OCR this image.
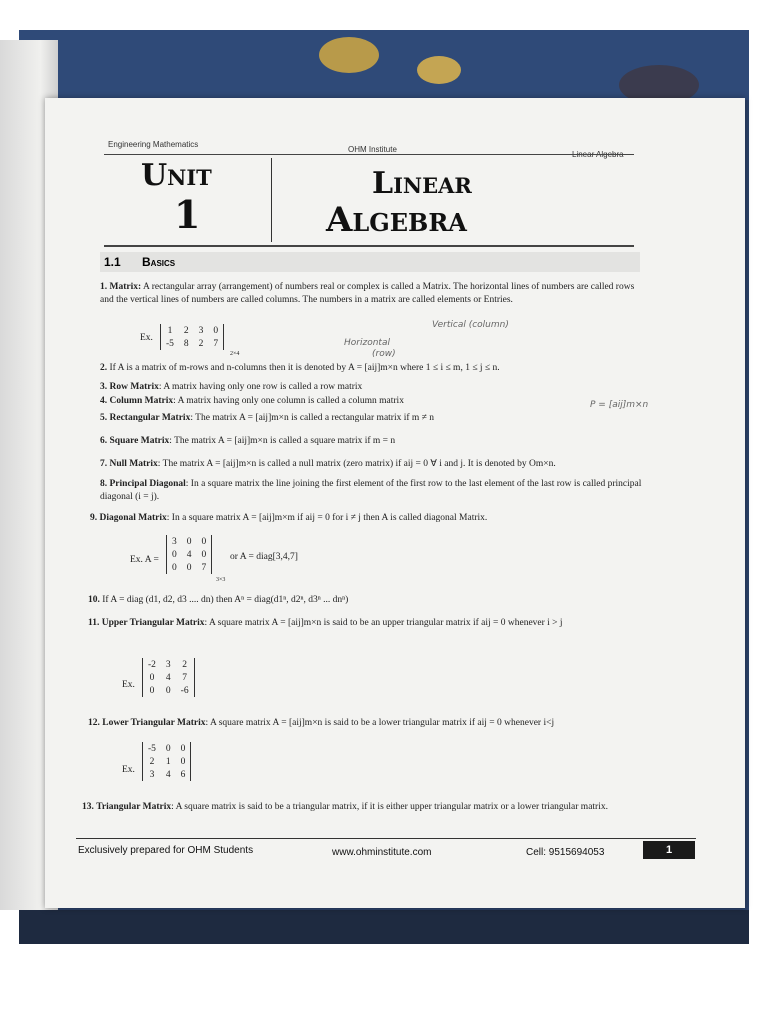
Engineering Mathematics
OHM Institute
Unit
1
Linear
Algebra
1.1 Basics
1. Matrix: A rectangular array (arrangement) of numbers real or complex is called a Matrix. The horizontal lines of numbers are called rows and the vertical lines of numbers are called columns. The numbers in a matrix are called elements or Entries.
Ex.
1	2	3	0
-5	8	2	7
2×4
Horizontal
(row)
Vertical (column)
2. If A is a matrix of m-rows and n-columns then it is denoted by A = [aij]m×n where 1 ≤ i ≤ m, 1 ≤ j ≤ n.
3. Row Matrix: A matrix having only one row is called a row matrix
4. Column Matrix: A matrix having only one column is called a column matrix
5. Rectangular Matrix: The matrix A = [aij]m×n is called a rectangular matrix if m ≠ n
P = [aij]m×n
6. Square Matrix: The matrix A = [aij]m×n is called a square matrix if m = n
7. Null Matrix: The matrix A = [aij]m×n is called a null matrix (zero matrix) if aij = 0 ∀ i and j. It is denoted by Om×n.
8. Principal Diagonal: In a square matrix the line joining the first element of the first row to the last element of the last row is called principal diagonal (i = j).
9. Diagonal Matrix: In a square matrix A = [aij]m×m if aij = 0 for i ≠ j then A is called diagonal Matrix.
Ex. A =
3	0	0
0	4	0
0	0	7
3×3
or A = diag[3,4,7]
10. If A = diag (d1, d2, d3 .... dn) then Aⁿ = diag(d1ⁿ, d2ⁿ, d3ⁿ ... dnⁿ)
11. Upper Triangular Matrix: A square matrix A = [aij]m×n is said to be an upper triangular matrix if aij = 0 whenever i > j
Ex.
-2	3	2
0	4	7
0	0	-6
12. Lower Triangular Matrix: A square matrix A = [aij]m×n is said to be a lower triangular matrix if aij = 0 whenever i<j
Ex.
-5	0	0
2	1	0
3	4	6
13. Triangular Matrix: A square matrix is said to be a triangular matrix, if it is either upper triangular matrix or a lower triangular matrix.
Exclusively prepared for OHM Students	www.ohminstitute.com	Cell: 9515694053	1
